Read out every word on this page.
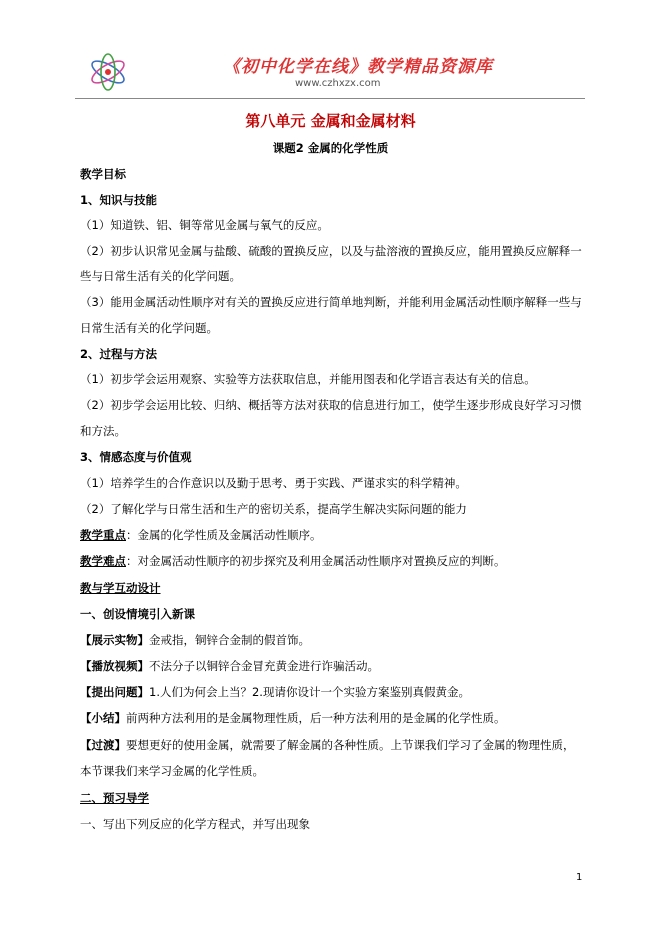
《初中化学在线》教学精品资源库
www.czhxzx.com
第八单元 金属和金属材料
课题2 金属的化学性质
教学目标
1、知识与技能
（1）知道铁、铝、铜等常见金属与氧气的反应。
（2）初步认识常见金属与盐酸、硫酸的置换反应，以及与盐溶液的置换反应，能用置换反应解释一
些与日常生活有关的化学问题。
（3）能用金属活动性顺序对有关的置换反应进行简单地判断，并能利用金属活动性顺序解释一些与
日常生活有关的化学问题。
2、过程与方法
（1）初步学会运用观察、实验等方法获取信息，并能用图表和化学语言表达有关的信息。
（2）初步学会运用比较、归纳、概括等方法对获取的信息进行加工，使学生逐步形成良好学习习惯
和方法。
3、情感态度与价值观
（1）培养学生的合作意识以及勤于思考、勇于实践、严谨求实的科学精神。
（2）了解化学与日常生活和生产的密切关系，提高学生解决实际问题的能力
教学重点：金属的化学性质及金属活动性顺序。
教学难点：对金属活动性顺序的初步探究及利用金属活动性顺序对置换反应的判断。
教与学互动设计
一、创设情境引入新课
【展示实物】金戒指，铜锌合金制的假首饰。
【播放视频】不法分子以铜锌合金冒充黄金进行诈骗活动。
【提出问题】1.人们为何会上当？2.现请你设计一个实验方案鉴别真假黄金。
【小结】前两种方法利用的是金属物理性质，后一种方法利用的是金属的化学性质。
【过渡】要想更好的使用金属，就需要了解金属的各种性质。上节课我们学习了金属的物理性质，
本节课我们来学习金属的化学性质。
二、预习导学
一、写出下列反应的化学方程式，并写出现象
1
